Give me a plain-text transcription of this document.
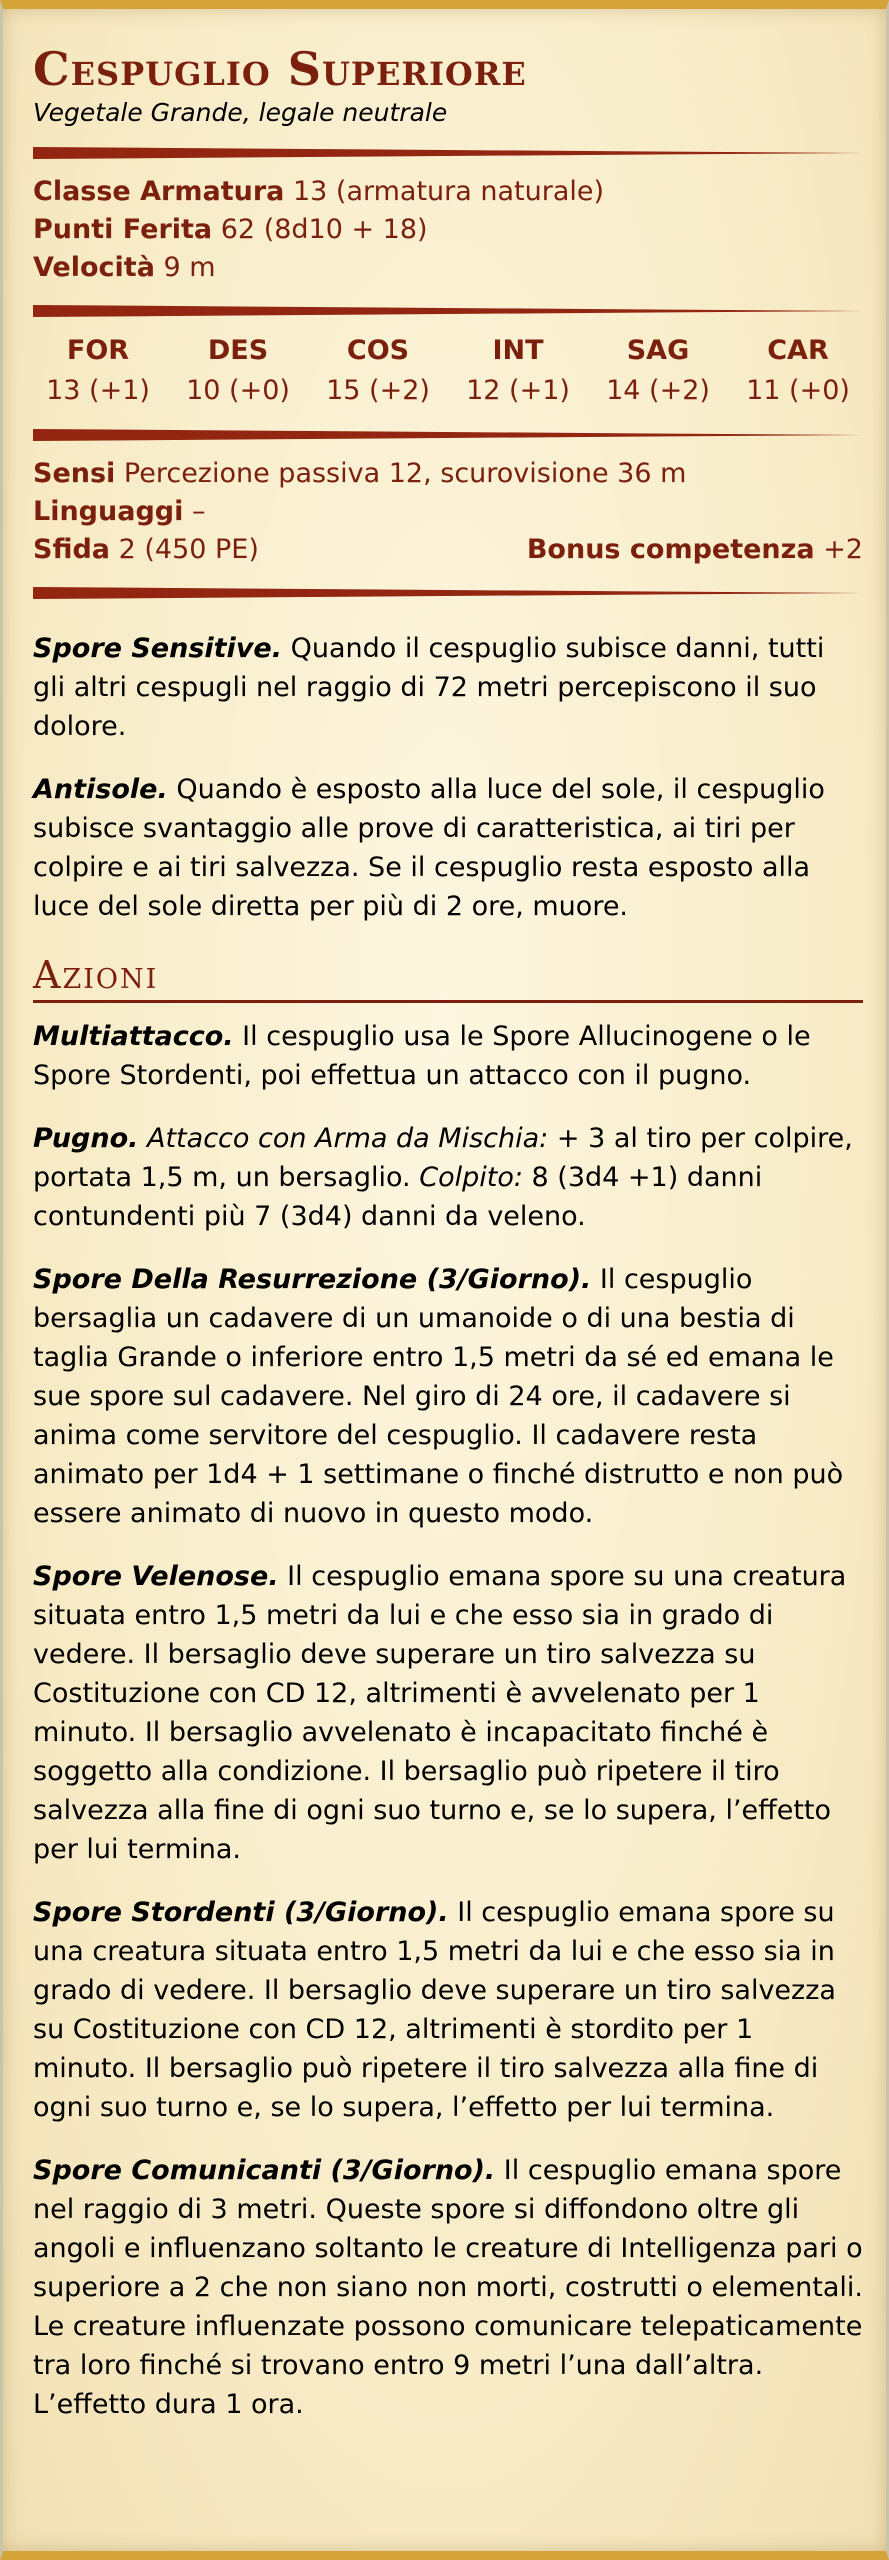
Cespuglio Superiore
Vegetale Grande, legale neutrale
Classe Armatura 13 (armatura naturale)
Punti Ferita 62 (8d10 + 18)
Velocità 9 m
FOR
13 (+1)
DES
10 (+0)
COS
15 (+2)
INT
12 (+1)
SAG
14 (+2)
CAR
11 (+0)
Sensi Percezione passiva 12, scurovisione 36 m
Linguaggi –
Sfida 2 (450 PE)	Bonus competenza +2

Spore Sensitive. Quando il cespuglio subisce danni, tutti gli altri cespugli nel raggio di 72 metri percepiscono il suo dolore.

Antisole. Quando è esposto alla luce del sole, il cespuglio subisce svantaggio alle prove di caratteristica, ai tiri per colpire e ai tiri salvezza. Se il cespuglio resta esposto alla luce del sole diretta per più di 2 ore, muore.

Azioni

Multiattacco. Il cespuglio usa le Spore Allucinogene o le Spore Stordenti, poi effettua un attacco con il pugno.

Pugno. Attacco con Arma da Mischia: + 3 al tiro per colpire, portata 1,5 m, un bersaglio. Colpito: 8 (3d4 +1) danni contundenti più 7 (3d4) danni da veleno.

Spore Della Resurrezione (3/Giorno). Il cespuglio bersaglia un cadavere di un umanoide o di una bestia di taglia Grande o inferiore entro 1,5 metri da sé ed emana le sue spore sul cadavere. Nel giro di 24 ore, il cadavere si anima come servitore del cespuglio. Il cadavere resta animato per 1d4 + 1 settimane o finché distrutto e non può essere animato di nuovo in questo modo.

Spore Velenose. Il cespuglio emana spore su una creatura situata entro 1,5 metri da lui e che esso sia in grado di vedere. Il bersaglio deve superare un tiro salvezza su Costituzione con CD 12, altrimenti è avvelenato per 1 minuto. Il bersaglio avvelenato è incapacitato finché è soggetto alla condizione. Il bersaglio può ripetere il tiro salvezza alla fine di ogni suo turno e, se lo supera, l’effetto per lui termina.

Spore Stordenti (3/Giorno). Il cespuglio emana spore su una creatura situata entro 1,5 metri da lui e che esso sia in grado di vedere. Il bersaglio deve superare un tiro salvezza su Costituzione con CD 12, altrimenti è stordito per 1 minuto. Il bersaglio può ripetere il tiro salvezza alla fine di ogni suo turno e, se lo supera, l’effetto per lui termina.

Spore Comunicanti (3/Giorno). Il cespuglio emana spore nel raggio di 3 metri. Queste spore si diffondono oltre gli angoli e influenzano soltanto le creature di Intelligenza pari o superiore a 2 che non siano non morti, costrutti o elementali. Le creature influenzate possono comunicare telepaticamente tra loro finché si trovano entro 9 metri l’una dall’altra. L’effetto dura 1 ora.
